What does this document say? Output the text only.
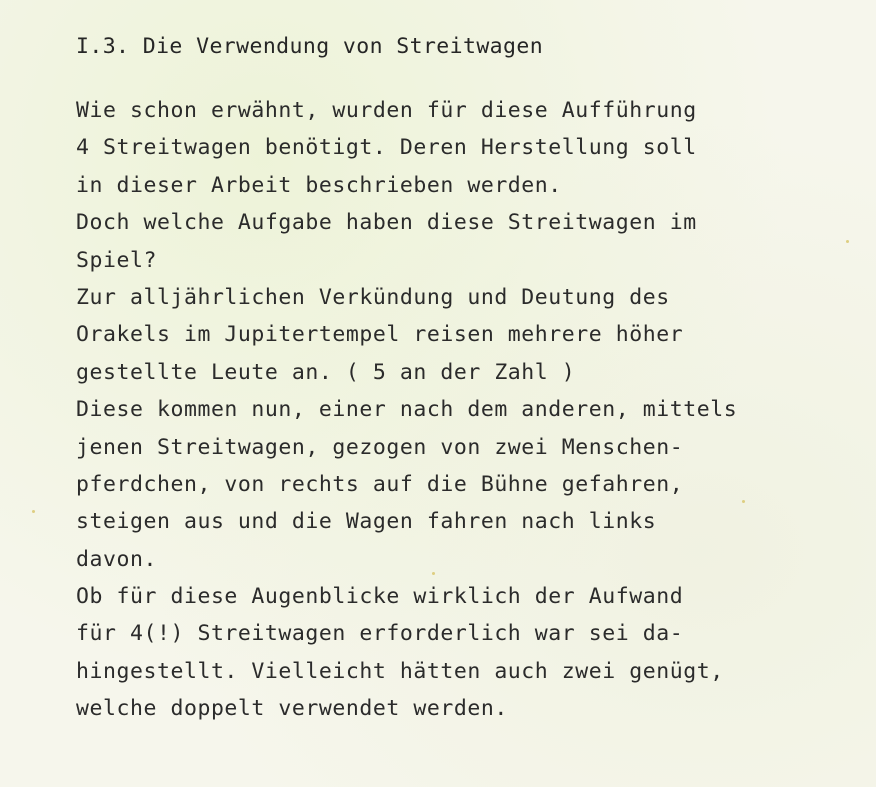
I.3. Die Verwendung von Streitwagen
Wie schon erwähnt, wurden für diese Aufführung
4 Streitwagen benötigt. Deren Herstellung soll
in dieser Arbeit beschrieben werden.
Doch welche Aufgabe haben diese Streitwagen im
Spiel?
Zur alljährlichen Verkündung und Deutung des
Orakels im Jupitertempel reisen mehrere höher
gestellte Leute an. ( 5 an der Zahl )
Diese kommen nun, einer nach dem anderen, mittels
jenen Streitwagen, gezogen von zwei Menschen-
pferdchen, von rechts auf die Bühne gefahren,
steigen aus und die Wagen fahren nach links
davon.
Ob für diese Augenblicke wirklich der Aufwand
für 4(!) Streitwagen erforderlich war sei da-
hingestellt. Vielleicht hätten auch zwei genügt,
welche doppelt verwendet werden.
